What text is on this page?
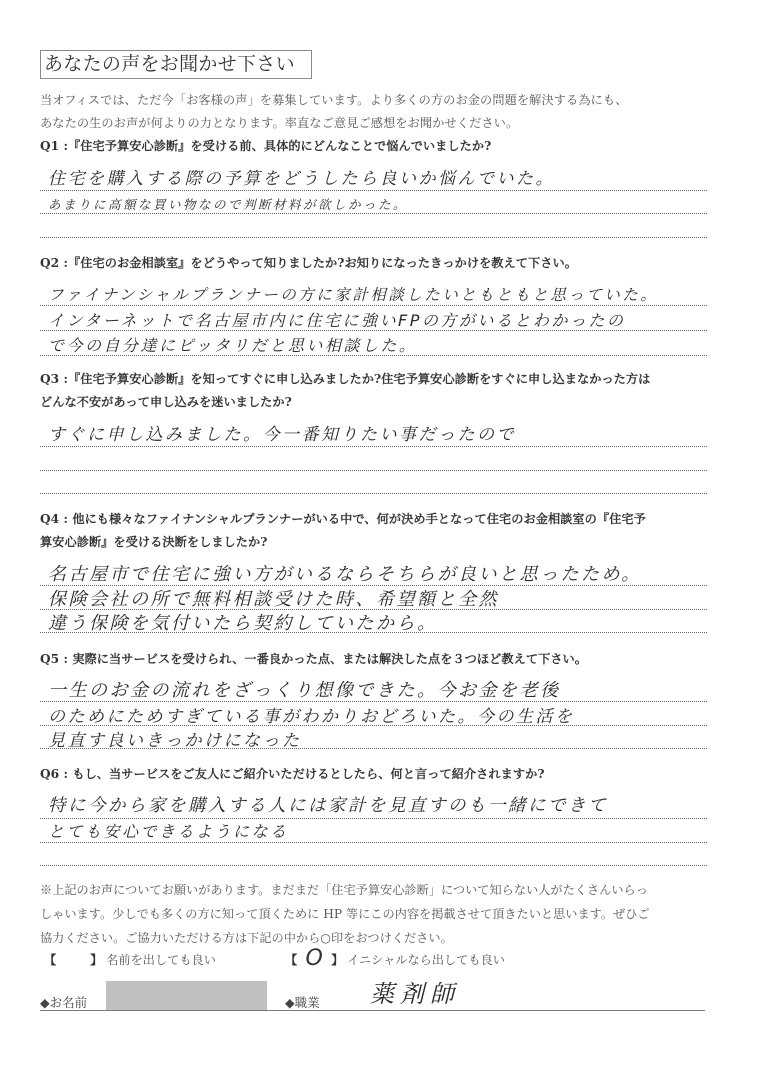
あなたの声をお聞かせ下さい
当オフィスでは、ただ今「お客様の声」を募集しています。より多くの方のお金の問題を解決する為にも、
あなたの生のお声が何よりの力となります。率直なご意見ご感想をお聞かせください。
Q1 :『住宅予算安心診断』を受ける前、具体的にどんなことで悩んでいましたか?
住宅を購入する際の予算をどうしたら良いか悩んでいた。
あまりに高額な買い物なので判断材料が欲しかった。
Q2 :『住宅のお金相談室』をどうやって知りましたか?お知りになったきっかけを教えて下さい。
ファイナンシャルプランナーの方に家計相談したいともともと思っていた。
インターネットで名古屋市内に住宅に強いFPの方がいるとわかったの
で今の自分達にピッタリだと思い相談した。
Q3 :『住宅予算安心診断』を知ってすぐに申し込みましたか?住宅予算安心診断をすぐに申し込まなかった方は
どんな不安があって申し込みを迷いましたか?
すぐに申し込みました。今一番知りたい事だったので
Q4 : 他にも様々なファイナンシャルプランナーがいる中で、何が決め手となって住宅のお金相談室の『住宅予
算安心診断』を受ける決断をしましたか?
名古屋市で住宅に強い方がいるならそちらが良いと思ったため。
保険会社の所で無料相談受けた時、希望額と全然
違う保険を気付いたら契約していたから。
Q5 : 実際に当サービスを受けられ、一番良かった点、または解決した点を３つほど教えて下さい。
一生のお金の流れをざっくり想像できた。今お金を老後
のためにためすぎている事がわかりおどろいた。今の生活を
見直す良いきっかけになった
Q6 : もし、当サービスをご友人にご紹介いただけるとしたら、何と言って紹介されますか?
特に今から家を購入する人には家計を見直すのも一緒にできて
とても安心できるようになる
※上記のお声についてお願いがあります。まだまだ「住宅予算安心診断」について知らない人がたくさんいらっ
しゃいます。少しでも多くの方に知って頂くために HP 等にこの内容を掲載させて頂きたいと思います。ぜひご
協力ください。ご協力いただける方は下記の中から○印をおつけください。
【	】 名前を出しても良い	【 O 】 イニシャルなら出しても良い
◆お名前	◆職業 薬剤師
